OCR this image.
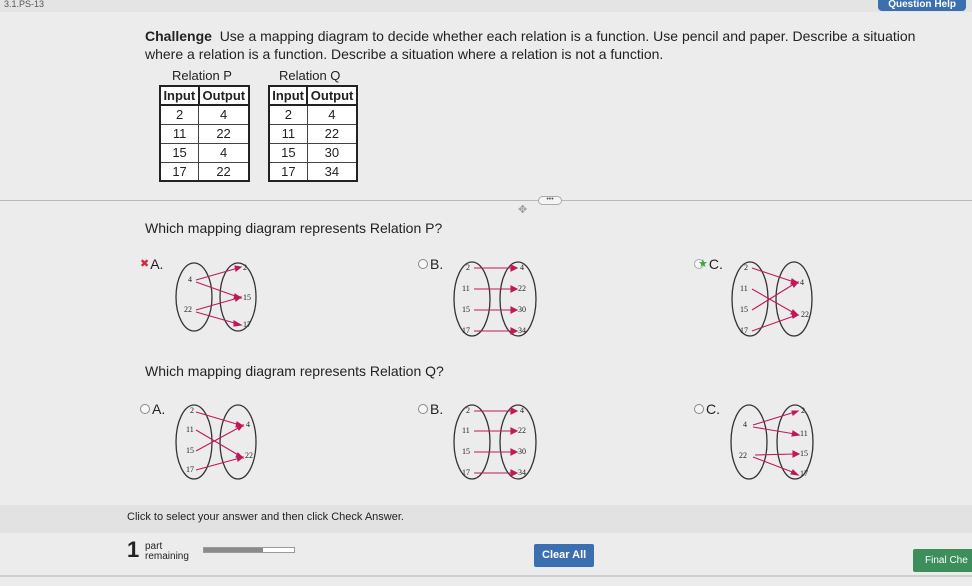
3.1.PS-13	Question Help
Challenge Use a mapping diagram to decide whether each relation is a function. Use pencil and paper. Describe a situation where a relation is a function. Describe a situation where a relation is not a function.
Relation P
Input	Output
2	4
11	22
15	4
17	22
Relation Q
Input	Output
2	4
11	22
15	30
17	34
•••
✥
Which mapping diagram represents Relation P?
✖ A.
4
22
2
15
17
B.	2
11
15
17
4
22
30
34
★ C.	2
11
15
17
4
22
Which mapping diagram represents Relation Q?
A.	2
11
15
17
4
22
B.	2
11
15
17
4
22
30
34
C.
4
22
2
11
15
17
Click to select your answer and then click Check Answer.
1 part
remaining	Clear All	Final Che
